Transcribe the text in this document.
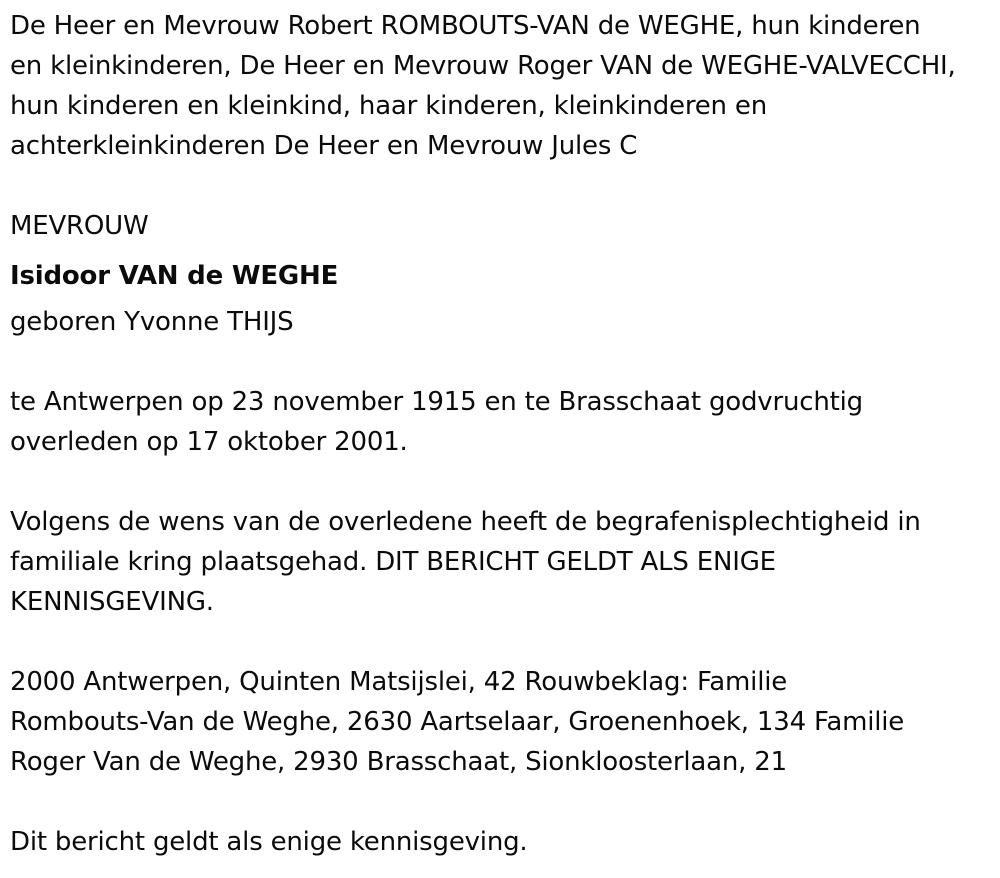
De Heer en Mevrouw Robert ROMBOUTS-VAN de WEGHE, hun kinderen
en kleinkinderen, De Heer en Mevrouw Roger VAN de WEGHE-VALVECCHI,
hun kinderen en kleinkind, haar kinderen, kleinkinderen en
achterkleinkinderen De Heer en Mevrouw Jules C
MEVROUW
Isidoor VAN de WEGHE
geboren Yvonne THIJS
te Antwerpen op 23 november 1915 en te Brasschaat godvruchtig
overleden op 17 oktober 2001.
Volgens de wens van de overledene heeft de begrafenisplechtigheid in
familiale kring plaatsgehad. DIT BERICHT GELDT ALS ENIGE
KENNISGEVING.
2000 Antwerpen, Quinten Matsijslei, 42 Rouwbeklag: Familie
Rombouts-Van de Weghe, 2630 Aartselaar, Groenenhoek, 134 Familie
Roger Van de Weghe, 2930 Brasschaat, Sionkloosterlaan, 21
Dit bericht geldt als enige kennisgeving.
